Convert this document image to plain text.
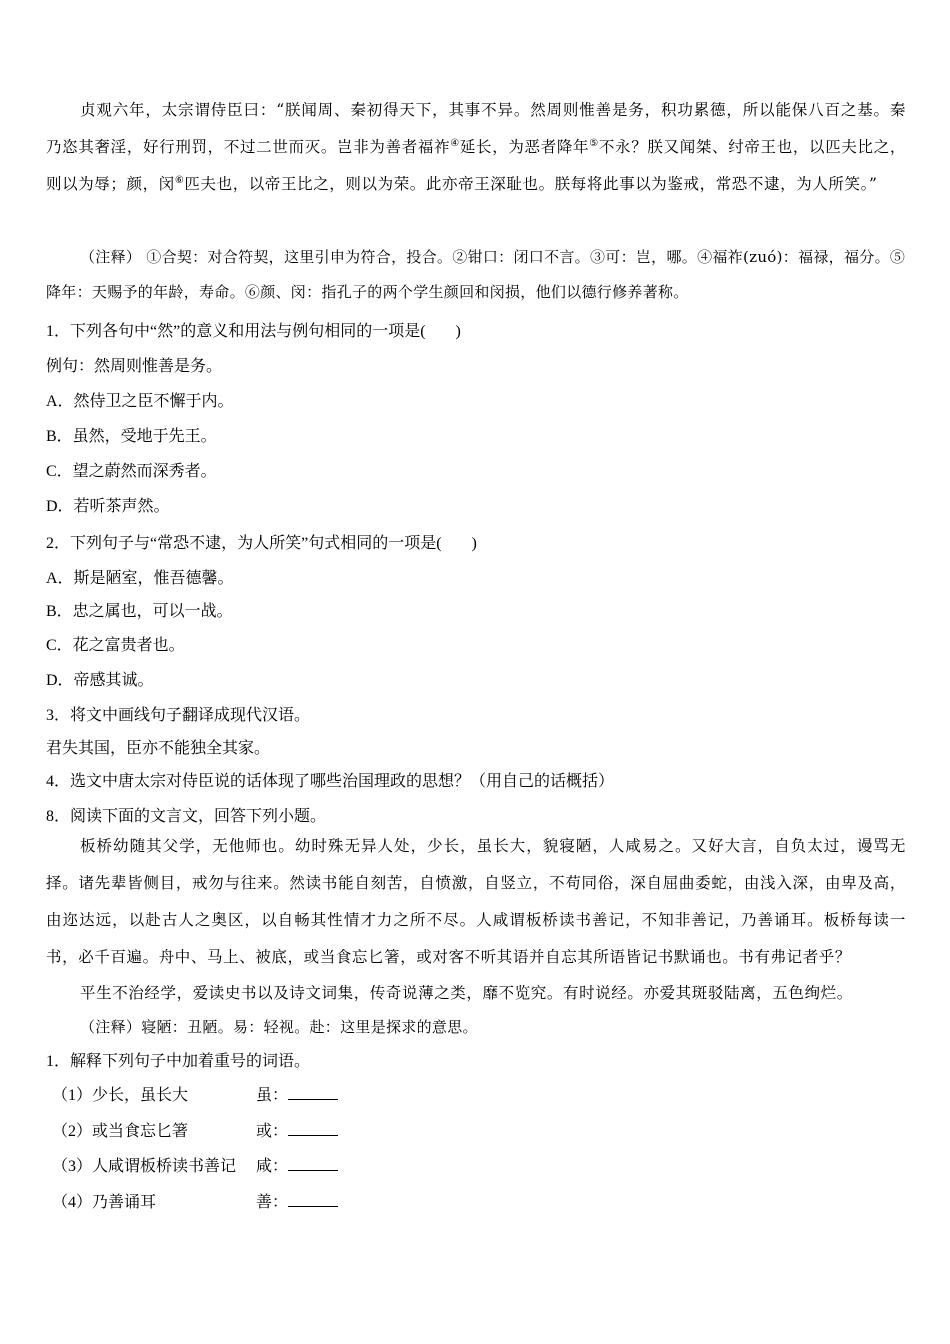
贞观六年，太宗谓侍臣曰：“朕闻周、秦初得天下，其事不异。然周则惟善是务，积功累德，所以能保八百之基。秦乃恣其奢淫，好行刑罚，不过二世而灭。岂非为善者福祚④延长，为恶者降年⑤不永？朕又闻桀、纣帝王也，以匹夫比之，则以为辱；颜，闵⑥匹夫也，以帝王比之，则以为荣。此亦帝王深耻也。朕每将此事以为鉴戒，常恐不逮，为人所笑。”
（注释） ①合契：对合符契，这里引申为符合，投合。②钳口：闭口不言。③可：岂，哪。④福祚(zuó)：福禄，福分。⑤降年：天赐予的年龄，寿命。⑥颜、闵：指孔子的两个学生颜回和闵损，他们以德行修养著称。
1．下列各句中“然”的意义和用法与例句相同的一项是( )
例句：然周则惟善是务。
A．然侍卫之臣不懈于内。
B．虽然，受地于先王。
C．望之蔚然而深秀者。
D．若听茶声然。
2．下列句子与“常恐不逮，为人所笑”句式相同的一项是( )
A．斯是陋室，惟吾德馨。
B．忠之属也，可以一战。
C．花之富贵者也。
D．帝感其诚。
3．将文中画线句子翻译成现代汉语。
君失其国，臣亦不能独全其家。
4．选文中唐太宗对侍臣说的话体现了哪些治国理政的思想？（用自己的话概括）
8．阅读下面的文言文，回答下列小题。
板桥幼随其父学，无他师也。幼时殊无异人处，少长，虽长大，貌寝陋，人咸易之。又好大言，自负太过，谩骂无择。诸先辈皆侧目，戒勿与往来。然读书能自刻苦，自愤激，自竖立，不苟同俗，深自屈曲委蛇，由浅入深，由卑及高，由迩达远，以赴古人之奥区，以自畅其性情才力之所不尽。人咸谓板桥读书善记，不知非善记，乃善诵耳。板桥每读一书，必千百遍。舟中、马上、被底，或当食忘匕箸，或对客不听其语并自忘其所语皆记书默诵也。书有弗记者乎？
平生不治经学，爱读史书以及诗文词集，传奇说薄之类，靡不览究。有时说经。亦爱其斑驳陆离，五色绚烂。
（注释）寝陋：丑陋。易：轻视。赴：这里是探求的意思。
1．解释下列句子中加着重号的词语。
（1）少长，虽长大	虽：
（2）或当食忘匕箸	或：
（3）人咸谓板桥读书善记 咸：
（4）乃善诵耳	善：
